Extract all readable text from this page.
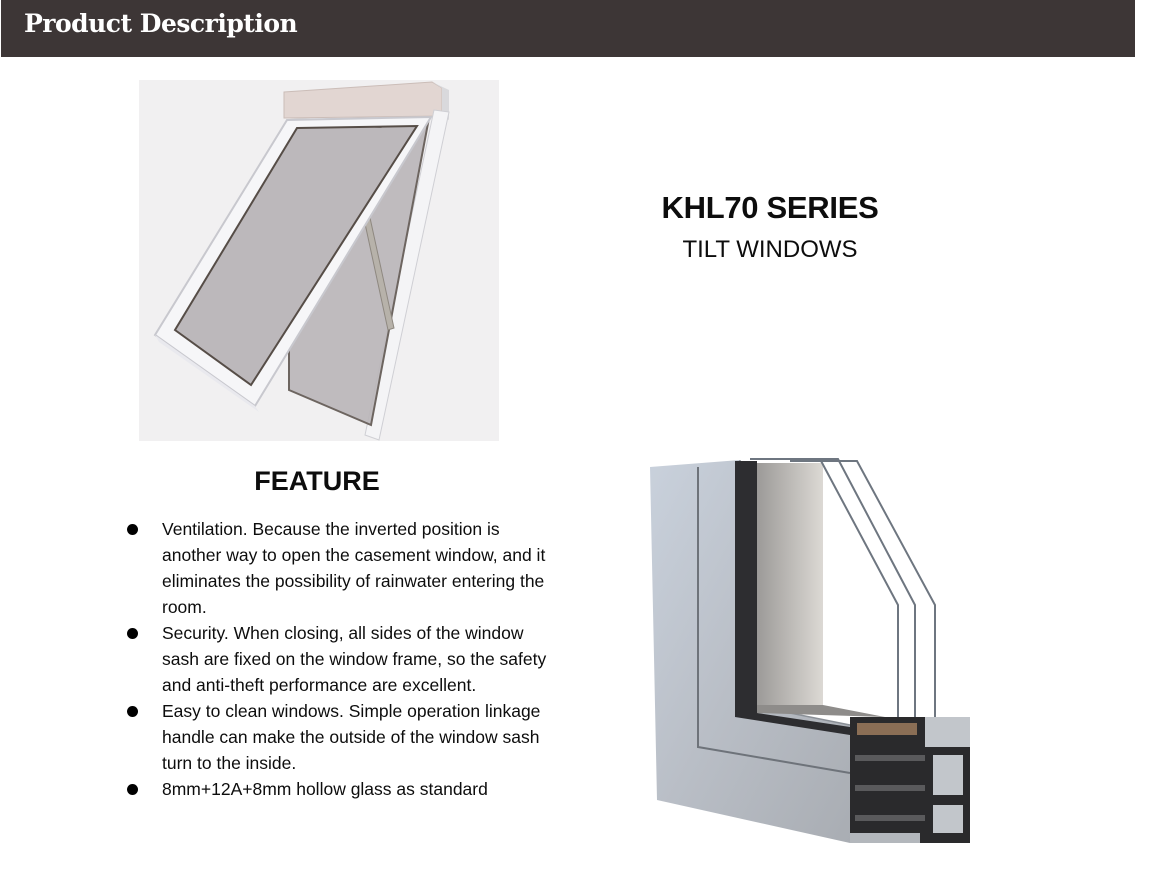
Product Description
KHL70 SERIES
TILT WINDOWS
FEATURE
Ventilation. Because the inverted position is another way to open the casement window, and it eliminates the possibility of rainwater entering the room.
Security. When closing, all sides of the window sash are fixed on the window frame, so the safety and anti-theft performance are excellent.
Easy to clean windows. Simple operation linkage handle can make the outside of the window sash turn to the inside.
8mm+12A+8mm hollow glass as standard
